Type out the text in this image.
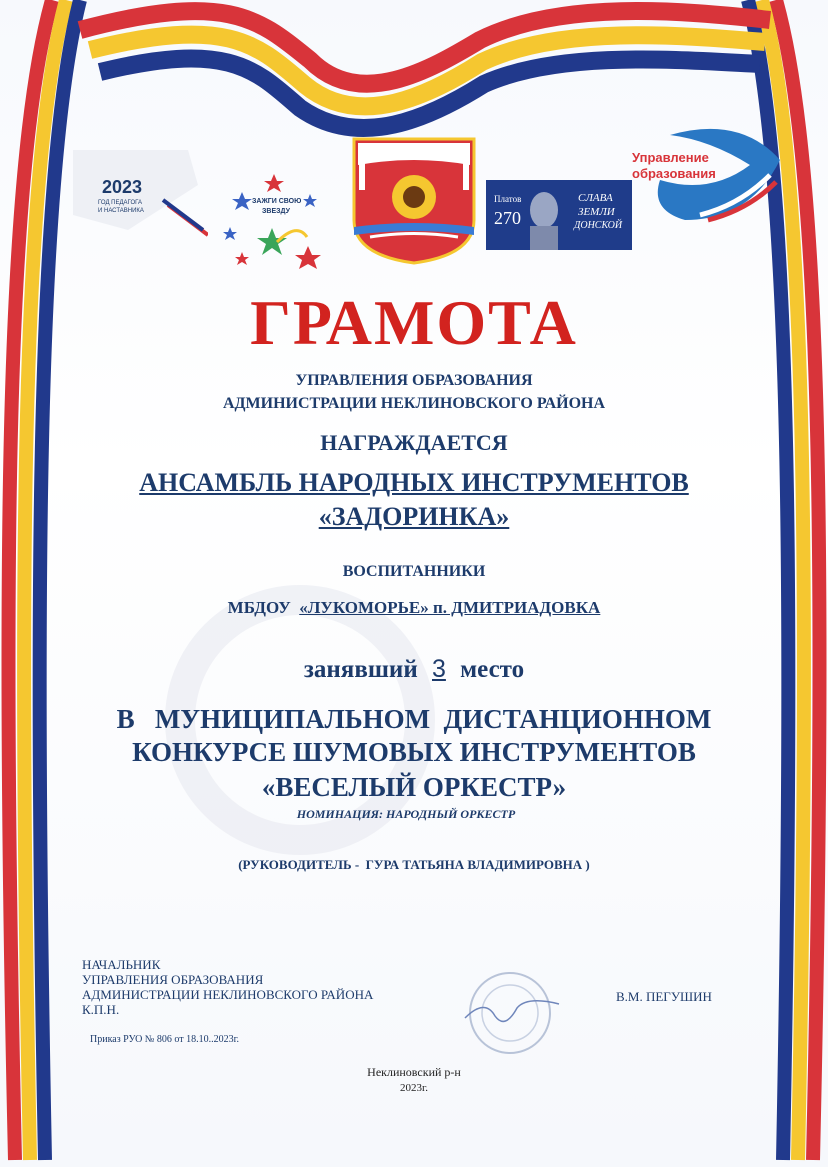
2023
ГОД ПЕДАГОГА
И НАСТАВНИКА
ЗАЖГИ СВОЮ
ЗВЕЗДУ
Платов
270
СЛАВА
ЗЕМЛИ
ДОНСКОЙ
Управление
образования
ГРАМОТА
УПРАВЛЕНИЯ ОБРАЗОВАНИЯ
АДМИНИСТРАЦИИ НЕКЛИНОВСКОГО РАЙОНА
НАГРАЖДАЕТСЯ
АНСАМБЛЬ НАРОДНЫХ ИНСТРУМЕНТОВ
«ЗАДОРИНКА»
ВОСПИТАННИКИ
МБДОУ  «ЛУКОМОРЬЕ» п. ДМИТРИАДОВКА
занявший 3 место
В   МУНИЦИПАЛЬНОМ  ДИСТАНЦИОННОМ
КОНКУРСЕ ШУМОВЫХ ИНСТРУМЕНТОВ
«ВЕСЕЛЫЙ ОРКЕСТР»
НОМИНАЦИЯ: НАРОДНЫЙ ОРКЕСТР
(РУКОВОДИТЕЛЬ -  ГУРА ТАТЬЯНА ВЛАДИМИРОВНА )
НАЧАЛЬНИК
УПРАВЛЕНИЯ ОБРАЗОВАНИЯ
АДМИНИСТРАЦИИ НЕКЛИНОВСКОГО РАЙОНА
К.П.Н.
В.М. ПЕГУШИН
Приказ РУО № 806 от 18.10..2023г.
Неклиновский р-н
2023г.
